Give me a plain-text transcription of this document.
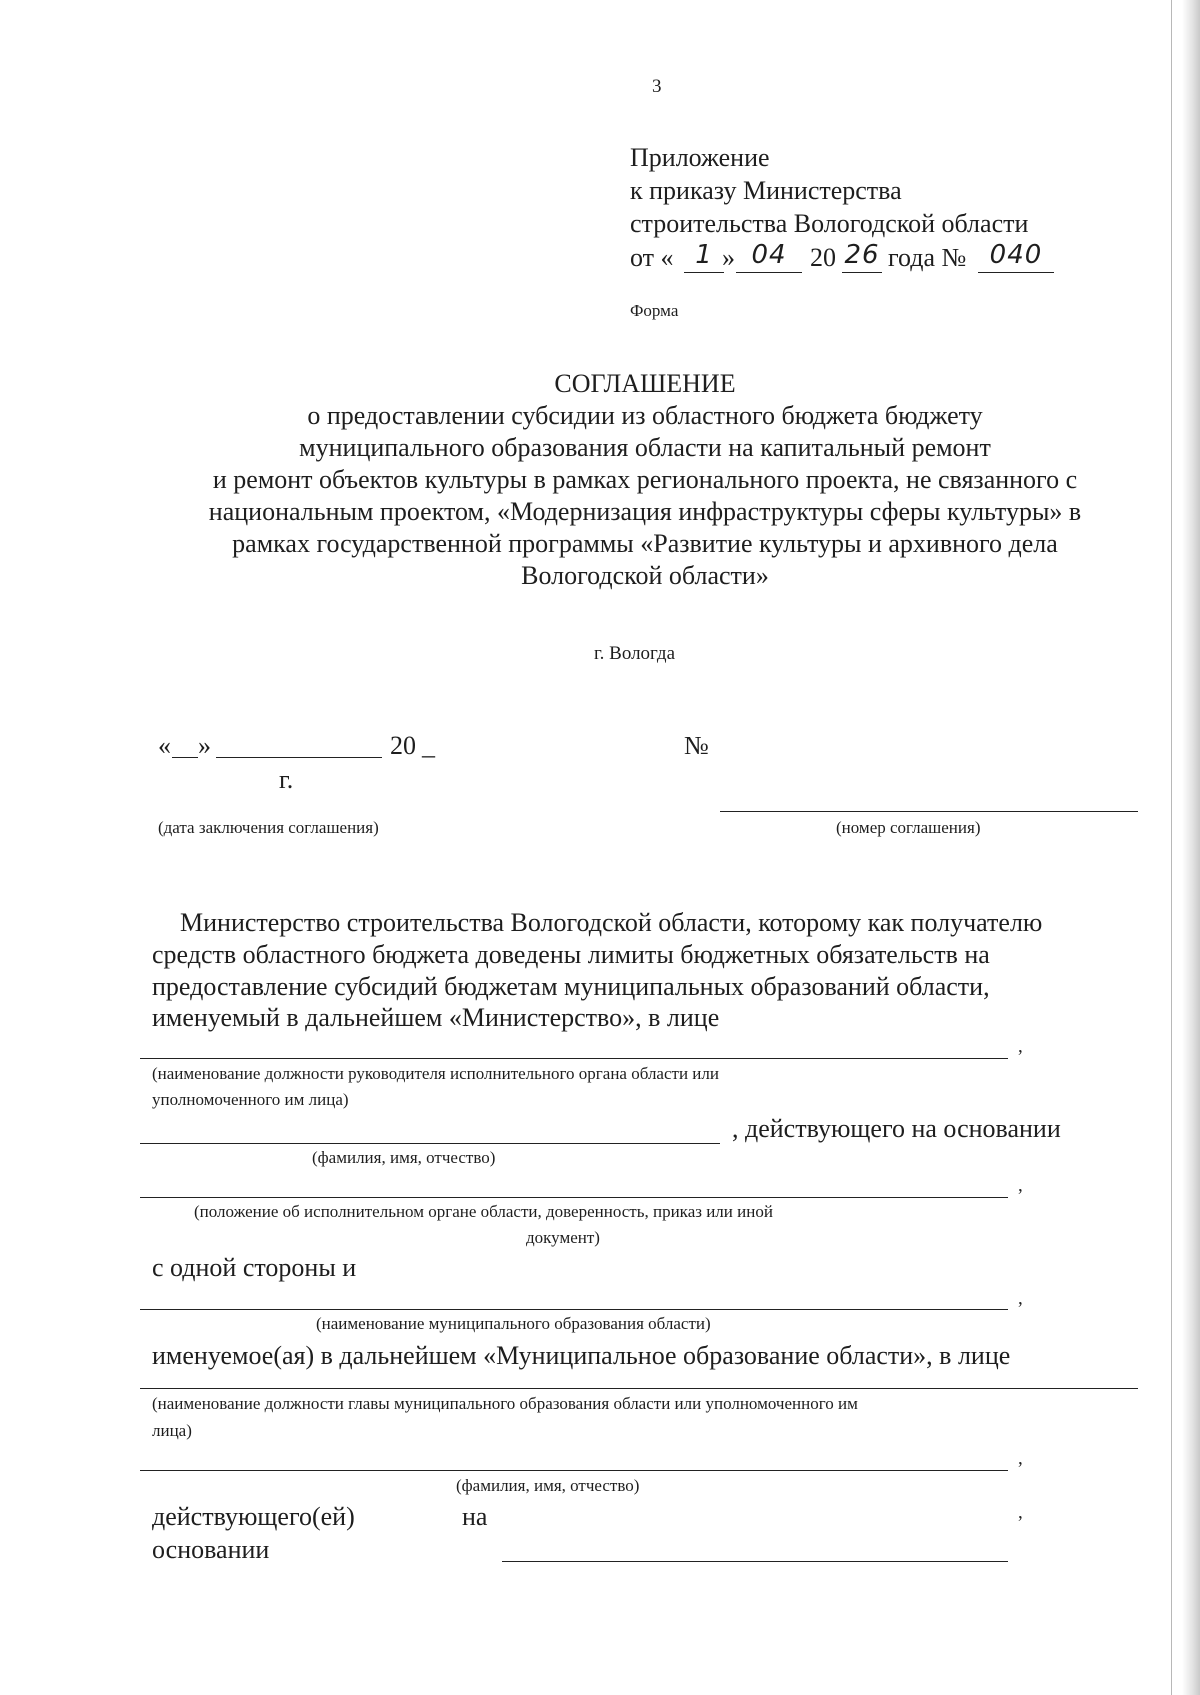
3
Приложение
к приказу Министерства
строительства Вологодской области
от « 1 » 04 20 26 года № 040
Форма
СОГЛАШЕНИЕ
о предоставлении субсидии из областного бюджета бюджету
муниципального образования области на капитальный ремонт
и ремонт объектов культуры в рамках регионального проекта, не связанного с
национальным проектом, «Модернизация инфраструктуры сферы культуры» в
рамках государственной программы «Развитие культуры и архивного дела
Вологодской области»
г. Вологда
« »	20 _
г.
№
(дата заключения соглашения)	(номер соглашения)
Министерство строительства Вологодской области, которому как получателю
средств областного бюджета доведены лимиты бюджетных обязательств на
предоставление субсидий бюджетам муниципальных образований области,
именуемый в дальнейшем «Министерство», в лице
,
(наименование должности руководителя исполнительного органа области или
уполномоченного им лица)
, действующего на основании
(фамилия, имя, отчество)
,
(положение об исполнительном органе области, доверенность, приказ или иной
документ)
с одной стороны и
,
(наименование муниципального образования области)
именуемое(ая) в дальнейшем «Муниципальное образование области», в лице
(наименование должности главы муниципального образования области или уполномоченного им
лица)
,
(фамилия, имя, отчество)
действующего(ей)
основании
на	,
